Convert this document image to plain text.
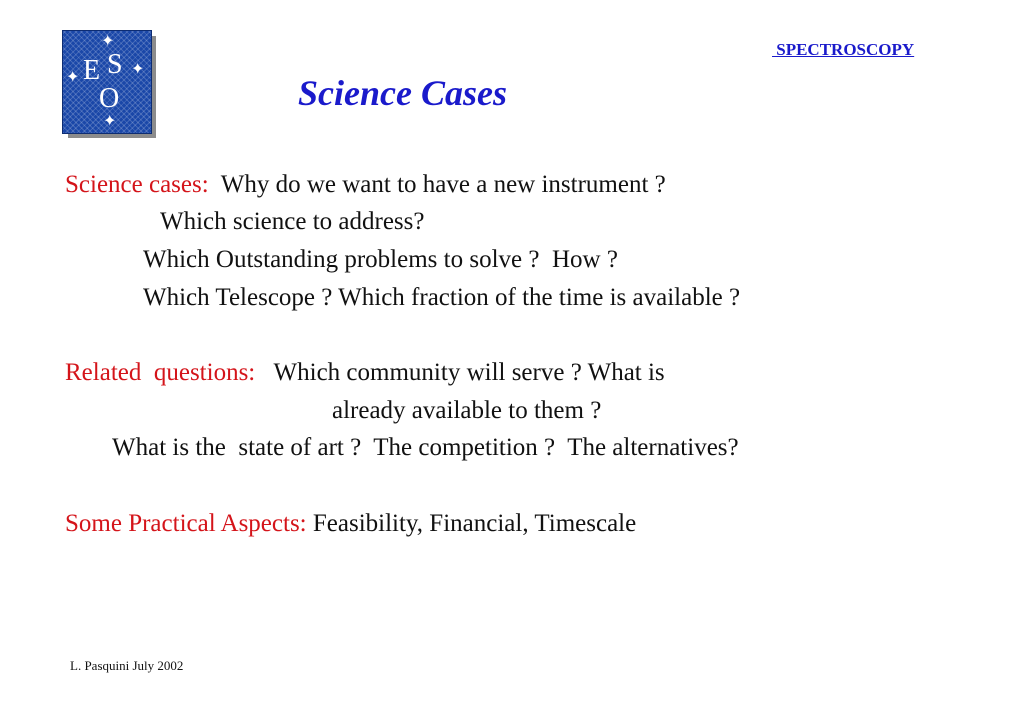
✦
✦	✦
✦
E S
O
SPECTROSCOPY
Science Cases
Science cases:  Why do we want to have a new instrument ?
Which science to address?
Which Outstanding problems to solve ?  How ?
Which Telescope ? Which fraction of the time is available ?
Related  questions:   Which community will serve ? What is
already available to them ?
What is the  state of art ?  The competition ?  The alternatives?
Some Practical Aspects: Feasibility, Financial, Timescale
L. Pasquini July 2002
